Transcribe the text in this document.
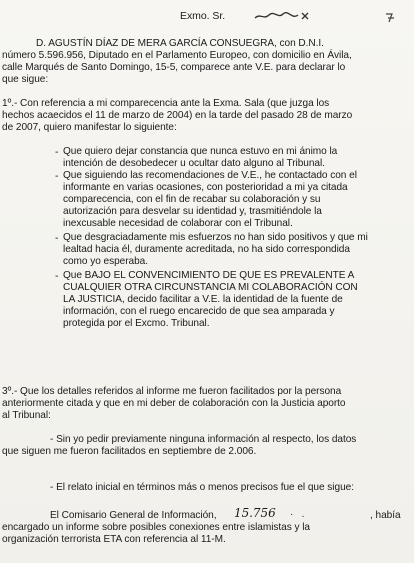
Exmo. Sr.
D. AGUSTÍN DÍAZ DE MERA GARCÍA CONSUEGRA, con D.N.I.
número 5.596.956, Diputado en el Parlamento Europeo, con domicilio en Ávila,
calle Marqués de Santo Domingo, 15-5, comparece ante V.E. para declarar lo
que sigue:
1º.- Con referencia a mi comparecencia ante la Exma. Sala (que juzga los
hechos acaecidos el 11 de marzo de 2004) en la tarde del pasado 28 de marzo
de 2007, quiero manifestar lo siguiente:
- Que quiero dejar constancia que nunca estuvo en mi ánimo la
intención de desobedecer u ocultar dato alguno al Tribunal.
- Que siguiendo las recomendaciones de V.E., he contactado con el
informante en varias ocasiones, con posterioridad a mi ya citada
comparecencia, con el fin de recabar su colaboración y su
autorización para desvelar su identidad y, trasmitiéndole la
inexcusable necesidad de colaborar con el Tribunal.
- Que desgraciadamente mis esfuerzos no han sido positivos y que mi
lealtad hacia él, duramente acreditada, no ha sido correspondida
como yo esperaba.
- Que BAJO EL CONVENCIMIENTO DE QUE ES PREVALENTE A
CUALQUIER OTRA CIRCUNSTANCIA MI COLABORACIÓN CON
LA JUSTICIA, decido facilitar a V.E. la identidad de la fuente de
información, con el ruego encarecido de que sea amparada y
protegida por el Excmo. Tribunal.
3º.- Que los detalles referidos al informe me fueron facilitados por la persona
anteriormente citada y que en mi deber de colaboración con la Justicia aporto
al Tribunal:
- Sin yo pedir previamente ninguna información al respecto, los datos
que siguen me fueron facilitados en septiembre de 2.006.
- El relato inicial en términos más o menos precisos fue el que sigue:
El Comisario General de Información, 15.756 ·   .	, había
encargado un informe sobre posibles conexiones entre islamistas y la
organización terrorista ETA con referencia al 11-M.
